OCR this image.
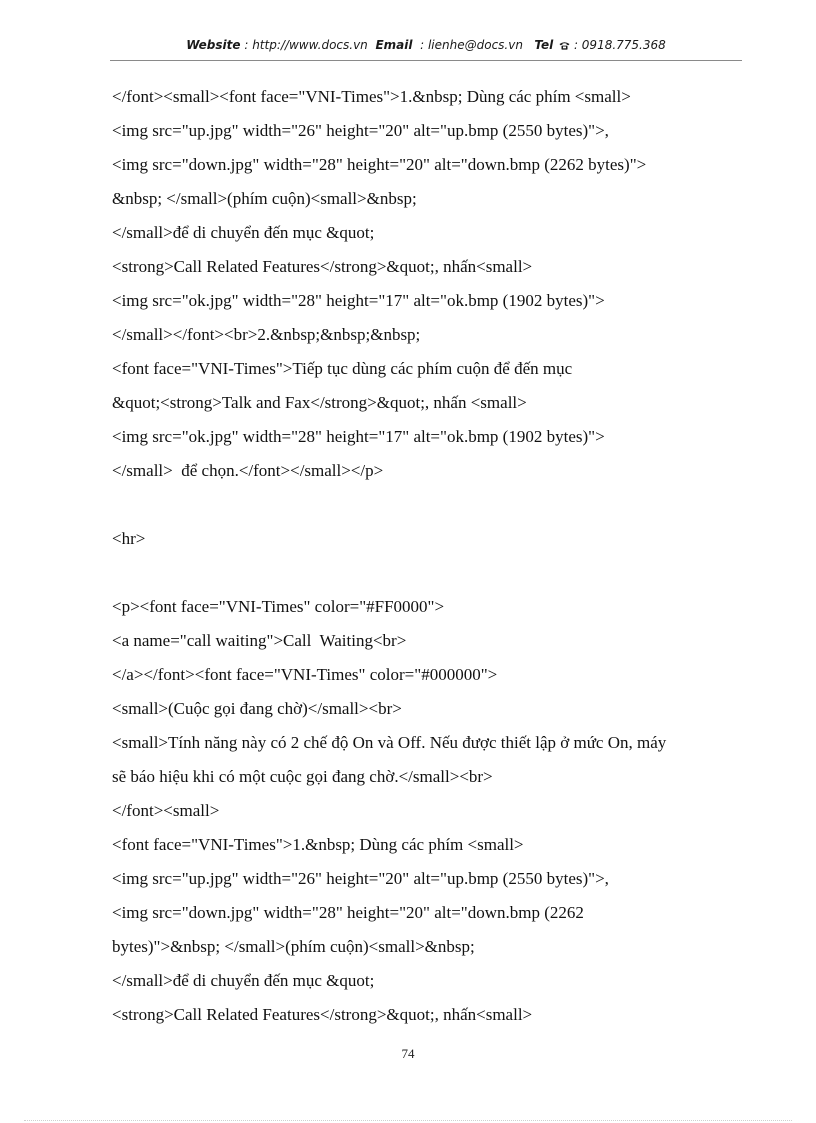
Website : http://www.docs.vn Email  : lienhe@docs.vn Tel  : 0918.775.368
</font><small><font face="VNI-Times">1.&nbsp; Dùng các phím <small>
<img src="up.jpg" width="26" height="20" alt="up.bmp (2550 bytes)">,
<img src="down.jpg" width="28" height="20" alt="down.bmp (2262 bytes)">
&nbsp; </small>(phím cuộn)<small>&nbsp;
</small>để di chuyển đến mục &quot;
<strong>Call Related Features</strong>&quot;, nhấn<small>
<img src="ok.jpg" width="28" height="17" alt="ok.bmp (1902 bytes)">
</small></font><br>2.&nbsp;&nbsp;&nbsp;
<font face="VNI-Times">Tiếp tục dùng các phím cuộn để đến mục
&quot;<strong>Talk and Fax</strong>&quot;, nhấn <small>
<img src="ok.jpg" width="28" height="17" alt="ok.bmp (1902 bytes)">
</small>  để chọn.</font></small></p>
<hr>
<p><font face="VNI-Times" color="#FF0000">
<a name="call waiting">Call  Waiting<br>
</a></font><font face="VNI-Times" color="#000000">
<small>(Cuộc gọi đang chờ)</small><br>
<small>Tính năng này có 2 chế độ On và Off. Nếu được thiết lập ở mức On, máy
sẽ báo hiệu khi có một cuộc gọi đang chờ.</small><br>
</font><small>
<font face="VNI-Times">1.&nbsp; Dùng các phím <small>
<img src="up.jpg" width="26" height="20" alt="up.bmp (2550 bytes)">,
<img src="down.jpg" width="28" height="20" alt="down.bmp (2262
bytes)">&nbsp; </small>(phím cuộn)<small>&nbsp;
</small>để di chuyển đến mục &quot;
<strong>Call Related Features</strong>&quot;, nhấn<small>
74
